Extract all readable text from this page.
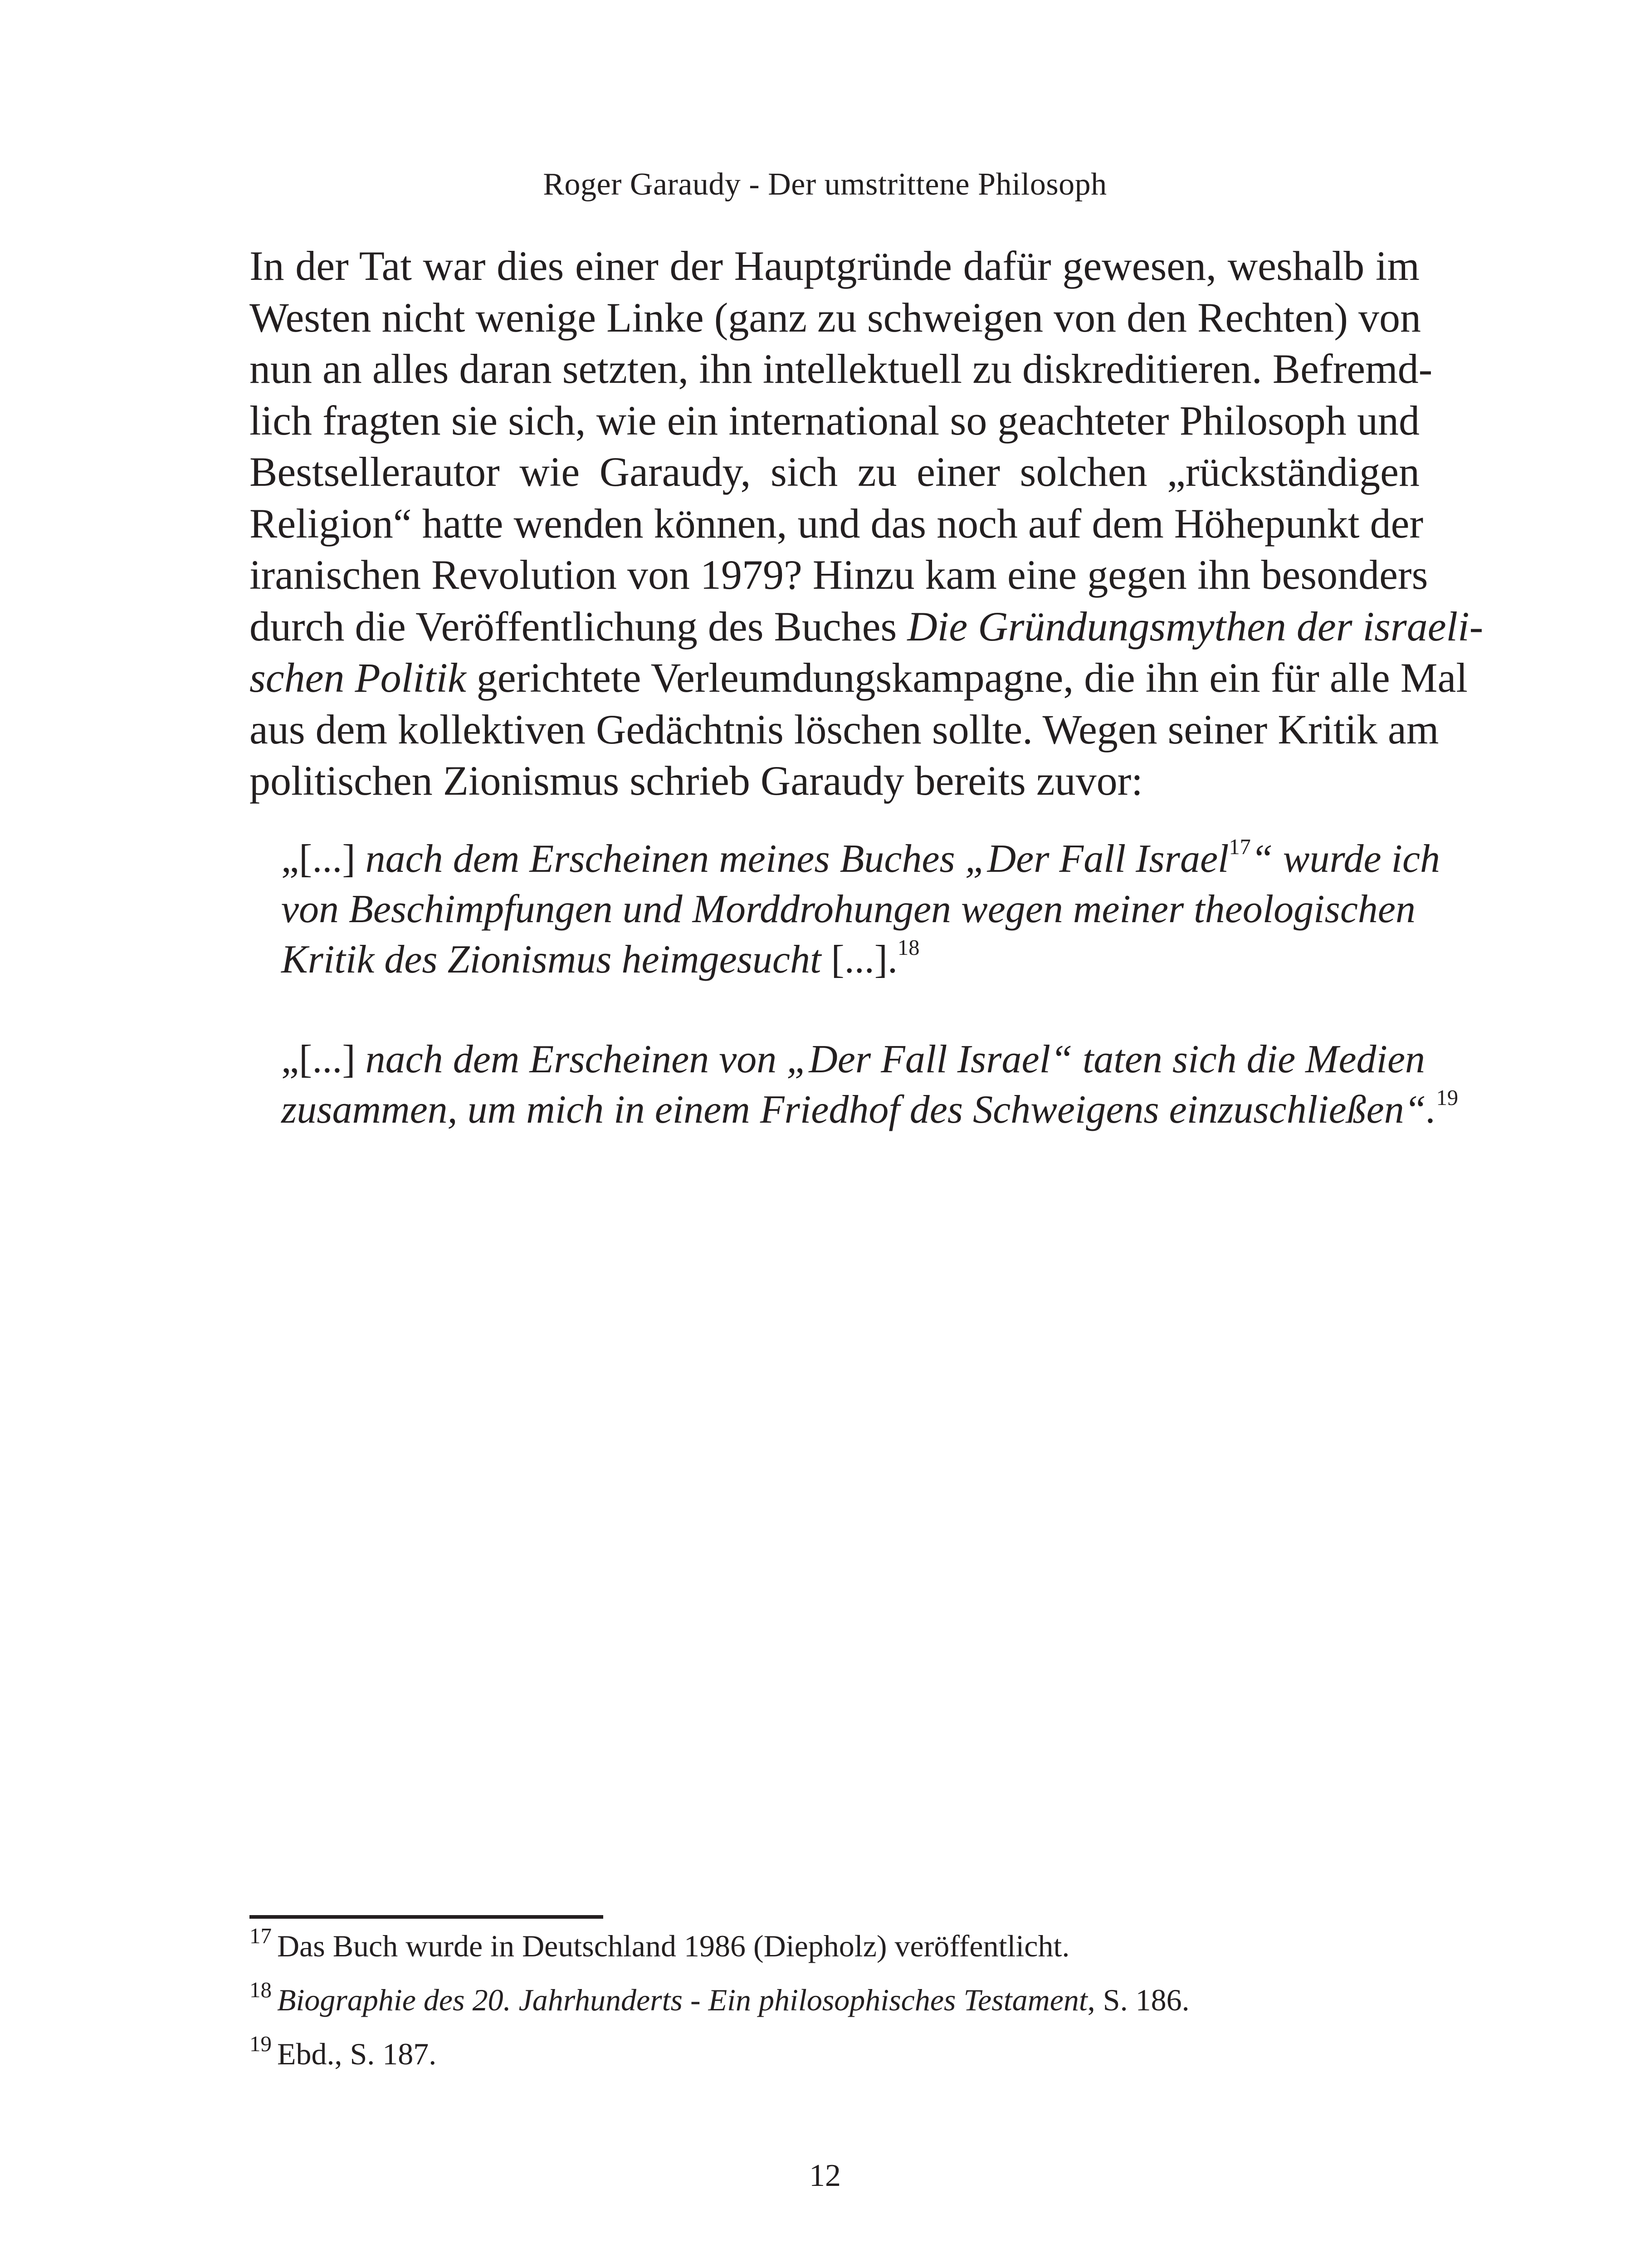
Roger Garaudy - Der umstrittene Philosoph
In der Tat war dies einer der Hauptgründe dafür gewesen, weshalb im
Westen nicht wenige Linke (ganz zu schweigen von den Rechten) von
nun an alles daran setzten, ihn intellektuell zu diskreditieren. Befremd-
lich fragten sie sich, wie ein international so geachteter Philosoph und
Bestsellerautor wie Garaudy, sich zu einer solchen „rückständigen
Religion“ hatte wenden können, und das noch auf dem Höhepunkt der
iranischen Revolution von 1979? Hinzu kam eine gegen ihn besonders
durch die Veröffentlichung des Buches Die Gründungsmythen der israeli-
schen Politik gerichtete Verleumdungskampagne, die ihn ein für alle Mal
aus dem kollektiven Gedächtnis löschen sollte. Wegen seiner Kritik am
politischen Zionismus schrieb Garaudy bereits zuvor:
„[...] nach dem Erscheinen meines Buches „Der Fall Israel$^{17}$“ wurde ich
von Beschimpfungen und Morddrohungen wegen meiner theologischen
Kritik des Zionismus heimgesucht [...].$^{18}$
„[...] nach dem Erscheinen von „Der Fall Israel“ taten sich die Medien
zusammen, um mich in einem Friedhof des Schweigens einzuschließen“.$^{19}$
$^{17}$ Das Buch wurde in Deutschland 1986 (Diepholz) veröffentlicht.
$^{18}$ Biographie des 20. Jahrhunderts - Ein philosophisches Testament, S. 186.
$^{19}$ Ebd., S. 187.
12
